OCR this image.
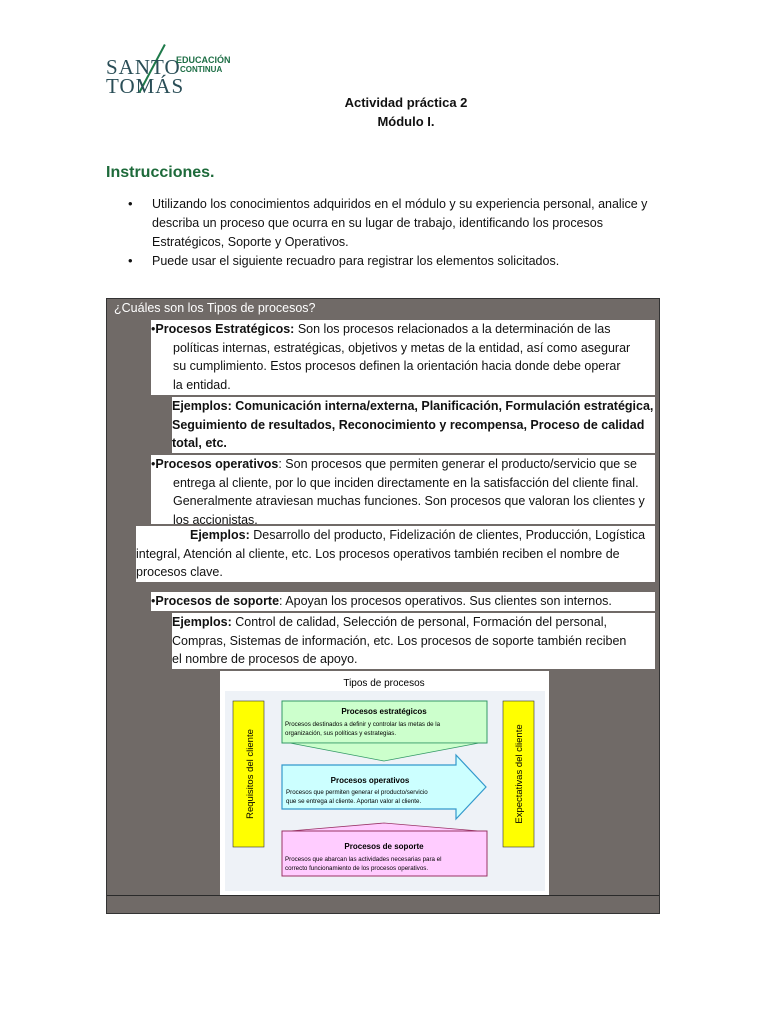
SANTO
TOMÁS
EDUCACIÓN
CONTINUA
Actividad práctica 2
Módulo I.
Instrucciones.
• Utilizando los conocimientos adquiridos en el módulo y su experiencia personal, analice y
describa un proceso que ocurra en su lugar de trabajo, identificando los procesos
Estratégicos, Soporte y Operativos.
• Puede usar el siguiente recuadro para registrar los elementos solicitados.
¿Cuáles son los Tipos de procesos?
•Procesos Estratégicos: Son los procesos relacionados a la determinación de las
políticas internas, estratégicas, objetivos y metas de la entidad, así como asegurar
su cumplimiento. Estos procesos definen la orientación hacia donde debe operar
la entidad.
Ejemplos: Comunicación interna/externa, Planificación, Formulación estratégica,
Seguimiento de resultados, Reconocimiento y recompensa, Proceso de calidad
total, etc.
•Procesos operativos: Son procesos que permiten generar el producto/servicio que se
entrega al cliente, por lo que inciden directamente en la satisfacción del cliente final.
Generalmente atraviesan muchas funciones. Son procesos que valoran los clientes y
los accionistas.
Ejemplos: Desarrollo del producto, Fidelización de clientes, Producción, Logística
integral, Atención al cliente, etc. Los procesos operativos también reciben el nombre de
procesos clave.
•Procesos de soporte: Apoyan los procesos operativos. Sus clientes son internos.
Ejemplos: Control de calidad, Selección de personal, Formación del personal,
Compras, Sistemas de información, etc. Los procesos de soporte también reciben
el nombre de procesos de apoyo.
Tipos de procesos
Requisitos del cliente	Expectativas del cliente
Procesos estratégicos
Procesos destinados a definir y controlar las metas de la
organización, sus políticas y estrategias.
Procesos operativos
Procesos que permiten generar el producto/servicio
que se entrega al cliente. Aportan valor al cliente.
Procesos de soporte
Procesos que abarcan las actividades necesarias para el
correcto funcionamiento de los procesos operativos.
